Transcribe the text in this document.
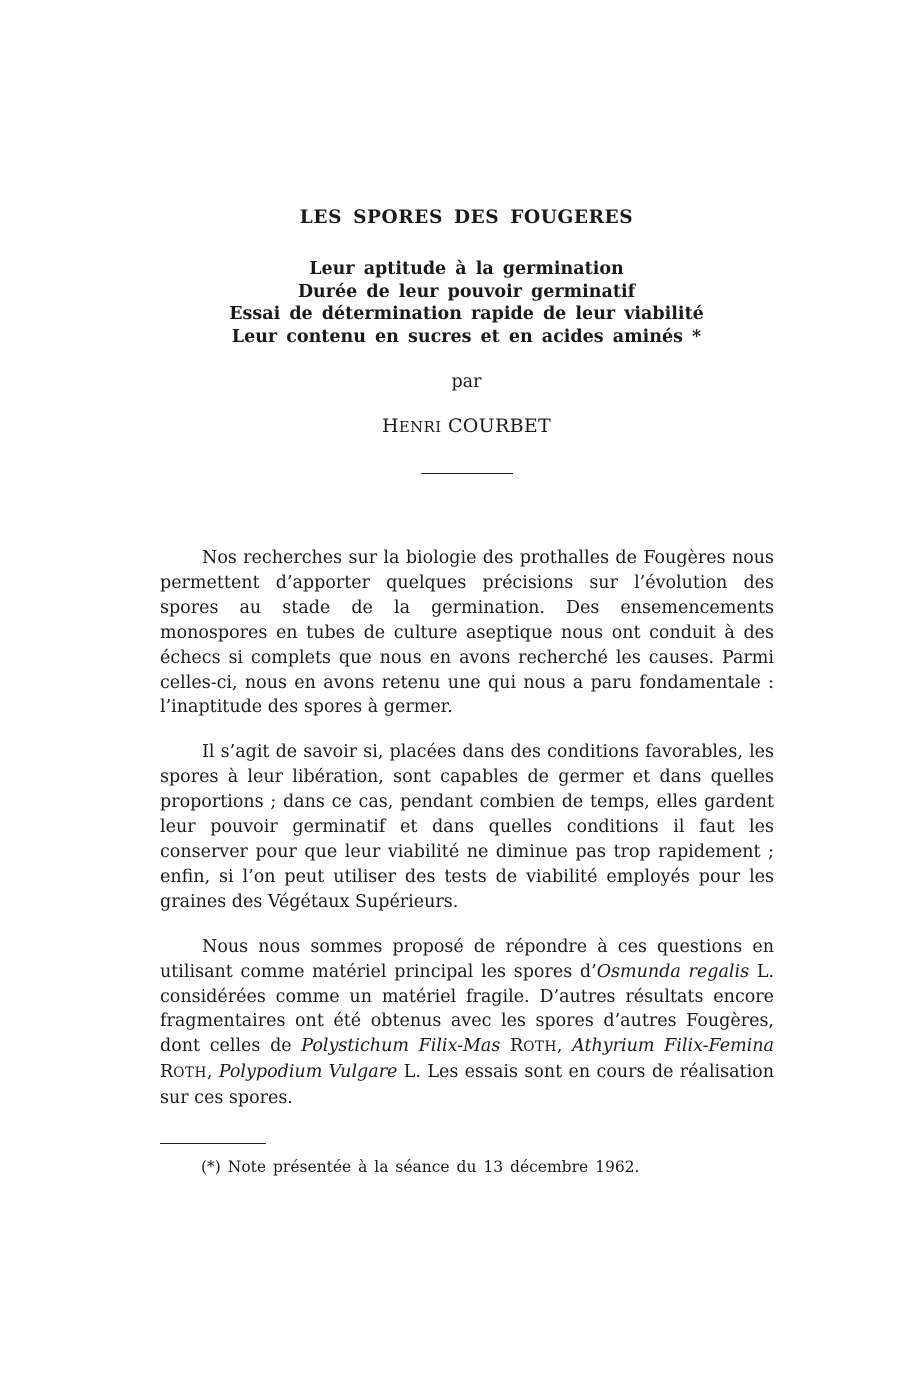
LES SPORES DES FOUGERES
Leur aptitude à la germination
Durée de leur pouvoir germinatif
Essai de détermination rapide de leur viabilité
Leur contenu en sucres et en acides aminés *
par
HENRI COURBET

Nos recherches sur la biologie des prothalles de Fougères nous permettent d’apporter quelques précisions sur l’évolution des spores au stade de la germination. Des ensemencements monospores en tubes de culture aseptique nous ont conduit à des échecs si complets que nous en avons recherché les causes. Parmi celles-ci, nous en avons retenu une qui nous a paru fondamentale : l’inaptitude des spores à germer.

Il s’agit de savoir si, placées dans des conditions favorables, les spores à leur libération, sont capables de germer et dans quelles proportions ; dans ce cas, pendant combien de temps, elles gardent leur pouvoir germinatif et dans quelles conditions il faut les conserver pour que leur viabilité ne diminue pas trop rapidement ; enfin, si l’on peut utiliser des tests de viabilité employés pour les graines des Végétaux Supérieurs.

Nous nous sommes proposé de répondre à ces questions en utilisant comme matériel principal les spores d’Osmunda regalis L. considérées comme un matériel fragile. D’autres résultats encore fragmentaires ont été obtenus avec les spores d’autres Fougères, dont celles de Polystichum Filix-Mas ROTH, Athyrium Filix-Femina ROTH, Polypodium Vulgare L. Les essais sont en cours de réalisation sur ces spores.

(*) Note présentée à la séance du 13 décembre 1962.
